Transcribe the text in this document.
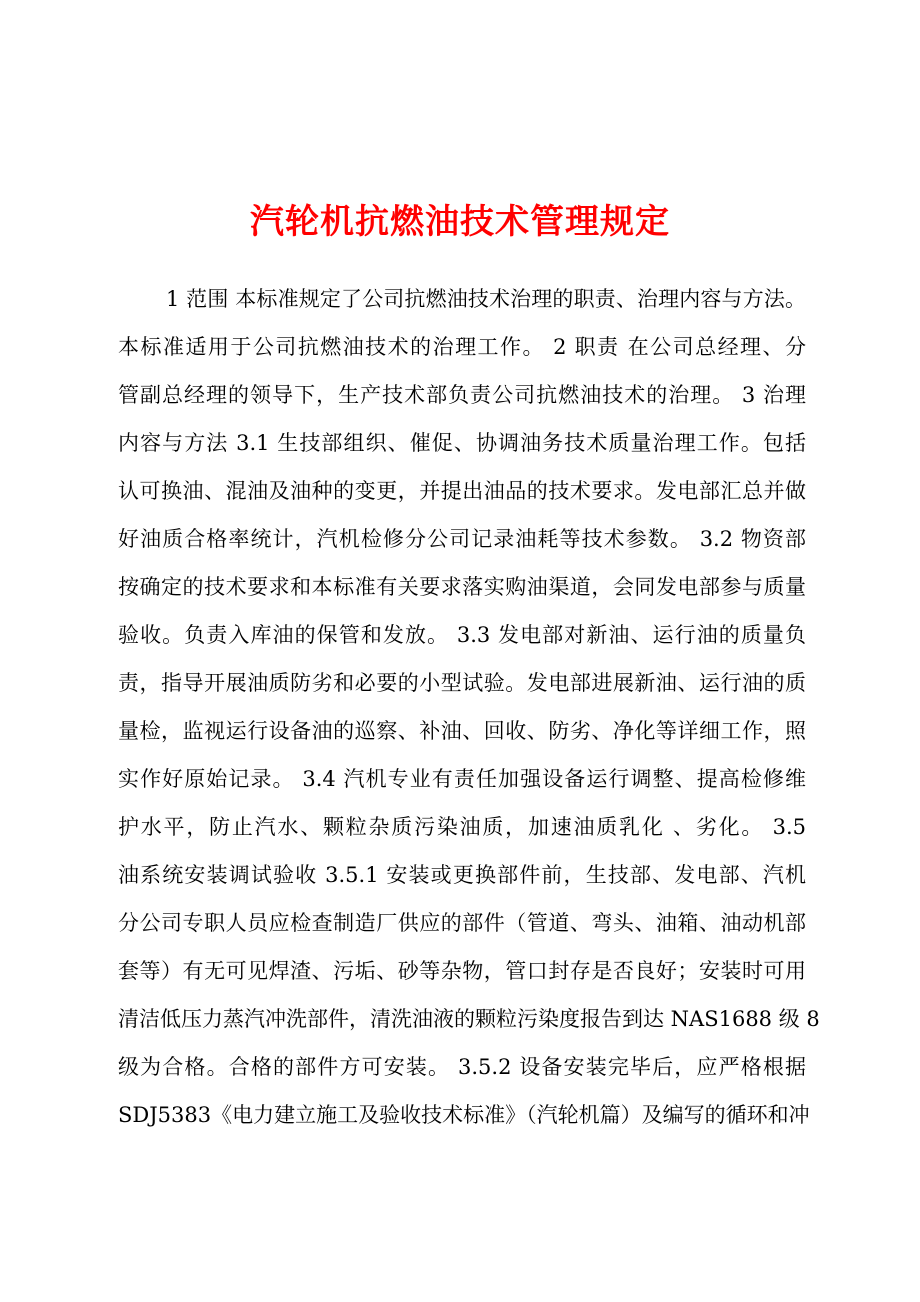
汽轮机抗燃油技术管理规定
1 范围 本标准规定了公司抗燃油技术治理的职责、治理内容与方法。
本标准适用于公司抗燃油技术的治理工作。 2 职责 在公司总经理、分
管副总经理的领导下，生产技术部负责公司抗燃油技术的治理。 3 治理
内容与方法 3.1 生技部组织、催促、协调油务技术质量治理工作。包括
认可换油、混油及油种的变更，并提出油品的技术要求。发电部汇总并做
好油质合格率统计，汽机检修分公司记录油耗等技术参数。 3.2 物资部
按确定的技术要求和本标准有关要求落实购油渠道，会同发电部参与质量
验收。负责入库油的保管和发放。 3.3 发电部对新油、运行油的质量负
责，指导开展油质防劣和必要的小型试验。发电部进展新油、运行油的质
量检，监视运行设备油的巡察、补油、回收、防劣、净化等详细工作，照
实作好原始记录。 3.4 汽机专业有责任加强设备运行调整、提高检修维
护水平，防止汽水、颗粒杂质污染油质，加速油质乳化 、劣化。 3.5
油系统安装调试验收 3.5.1 安装或更换部件前，生技部、发电部、汽机
分公司专职人员应检查制造厂供应的部件（管道、弯头、油箱、油动机部
套等）有无可见焊渣、污垢、砂等杂物，管口封存是否良好；安装时可用
清洁低压力蒸汽冲洗部件，清洗油液的颗粒污染度报告到达 NAS1688 级 8
级为合格。合格的部件方可安装。 3.5.2 设备安装完毕后，应严格根据
SDJ5383《电力建立施工及验收技术标准》（汽轮机篇）及编写的循环和冲
